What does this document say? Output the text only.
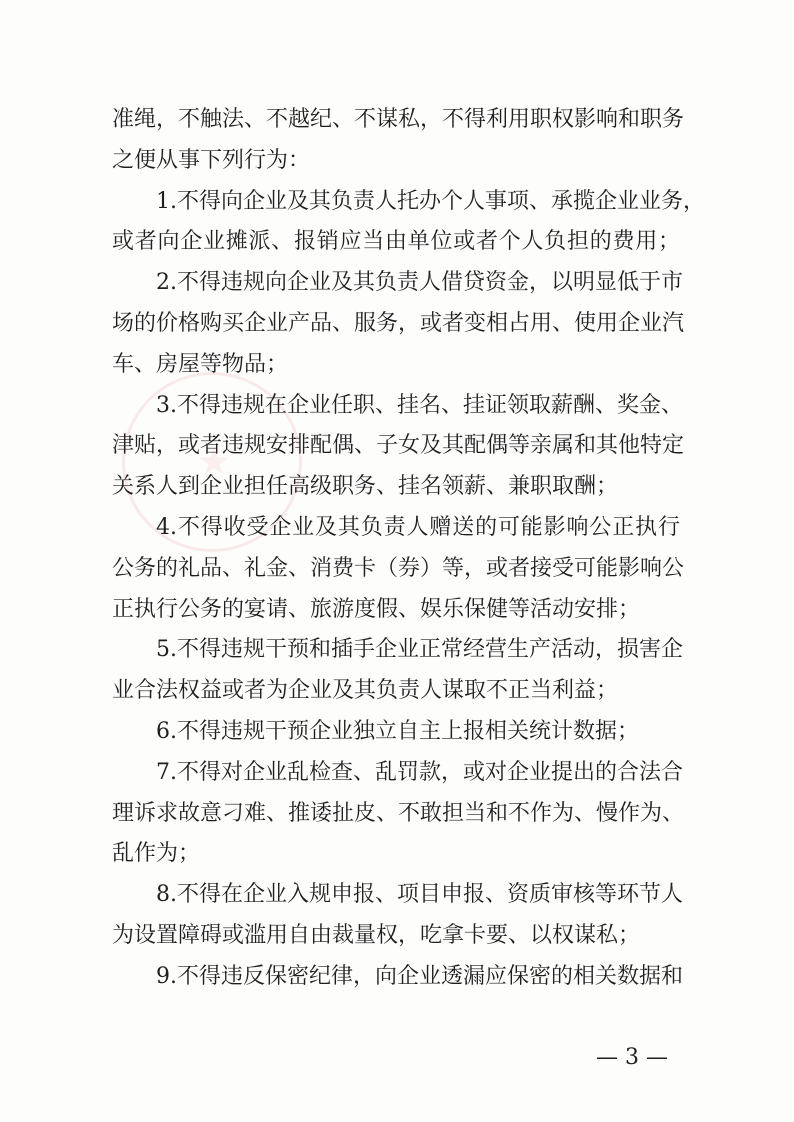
准绳，不触法、不越纪、不谋私，不得利用职权影响和职务
之便从事下列行为：
1.不得向企业及其负责人托办个人事项、承揽企业业务，
或者向企业摊派、报销应当由单位或者个人负担的费用；
2.不得违规向企业及其负责人借贷资金，以明显低于市
场的价格购买企业产品、服务，或者变相占用、使用企业汽
车、房屋等物品；
3.不得违规在企业任职、挂名、挂证领取薪酬、奖金、
津贴，或者违规安排配偶、子女及其配偶等亲属和其他特定
关系人到企业担任高级职务、挂名领薪、兼职取酬；
4.不得收受企业及其负责人赠送的可能影响公正执行
公务的礼品、礼金、消费卡（券）等，或者接受可能影响公
正执行公务的宴请、旅游度假、娱乐保健等活动安排；
5.不得违规干预和插手企业正常经营生产活动，损害企
业合法权益或者为企业及其负责人谋取不正当利益；
6.不得违规干预企业独立自主上报相关统计数据；
7.不得对企业乱检查、乱罚款，或对企业提出的合法合
理诉求故意刁难、推诿扯皮、不敢担当和不作为、慢作为、
乱作为；
8.不得在企业入规申报、项目申报、资质审核等环节人
为设置障碍或滥用自由裁量权，吃拿卡要、以权谋私；
9.不得违反保密纪律，向企业透漏应保密的相关数据和
— 3 —
